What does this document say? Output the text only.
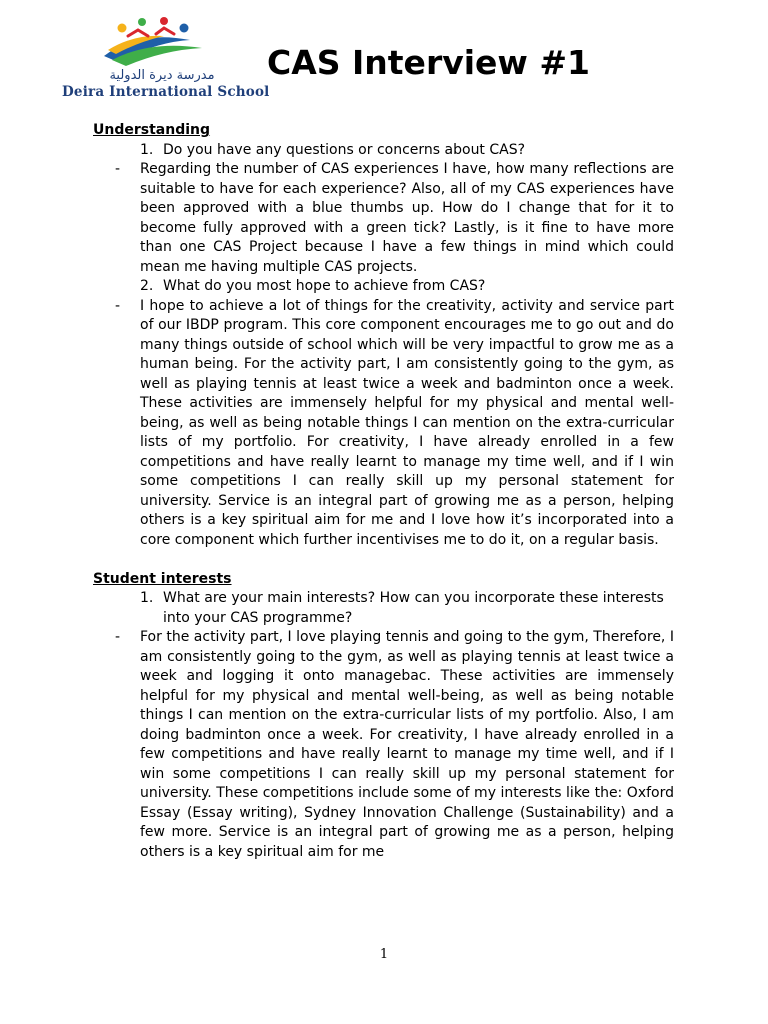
مدرسة ديرة الدولية
Deira International School
CAS Interview #1

Understanding

1. Do you have any questions or concerns about CAS?
-	Regarding the number of CAS experiences I have, how many reflections are suitable to have for each experience? Also, all of my CAS experiences have been approved with a blue thumbs up. How do I change that for it to become fully approved with a green tick? Lastly, is it fine to have more than one CAS Project because I have a few things in mind which could mean me having multiple CAS projects.
2. What do you most hope to achieve from CAS?
-	I hope to achieve a lot of things for the creativity, activity and service part of our IBDP program. This core component encourages me to go out and do many things outside of school which will be very impactful to grow me as a human being. For the activity part, I am consistently going to the gym, as well as playing tennis at least twice a week and badminton once a week. These activities are immensely helpful for my physical and mental well-being, as well as being notable things I can mention on the extra-curricular lists of my portfolio. For creativity, I have already enrolled in a few competitions and have really learnt to manage my time well, and if I win some competitions I can really skill up my personal statement for university. Service is an integral part of growing me as a person, helping others is a key spiritual aim for me and I love how it’s incorporated into a core component which further incentivises me to do it, on a regular basis.

Student interests

1. What are your main interests? How can you incorporate these interests into your CAS programme?
-	For the activity part, I love playing tennis and going to the gym, Therefore, I am consistently going to the gym, as well as playing tennis at least twice a week and logging it onto managebac. These activities are immensely helpful for my physical and mental well-being, as well as being notable things I can mention on the extra-curricular lists of my portfolio. Also, I am doing badminton once a week. For creativity, I have already enrolled in a few competitions and have really learnt to manage my time well, and if I win some competitions I can really skill up my personal statement for university. These competitions include some of my interests like the: Oxford Essay (Essay writing), Sydney Innovation Challenge (Sustainability) and a few more. Service is an integral part of growing me as a person, helping others is a key spiritual aim for me
1
